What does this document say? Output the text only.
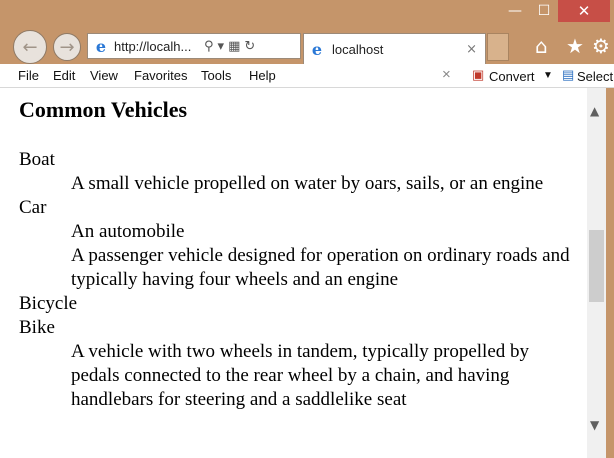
—	☐	✕
← → e http://localh... ⚲ ▾ ▦ ↻	e localhost	×	⌂ ★ ⚙
File Edit View Favorites Tools Help	× ▣ Convert ▼ ▤ Select
Common Vehicles
Boat
A small vehicle propelled on water by oars, sails, or an engine
Car
An automobile
A passenger vehicle designed for operation on ordinary roads and typically having four wheels and an engine
Bicycle
Bike
A vehicle with two wheels in tandem, typically propelled by pedals connected to the rear wheel by a chain, and having handlebars for steering and a saddlelike seat
▲
▼
